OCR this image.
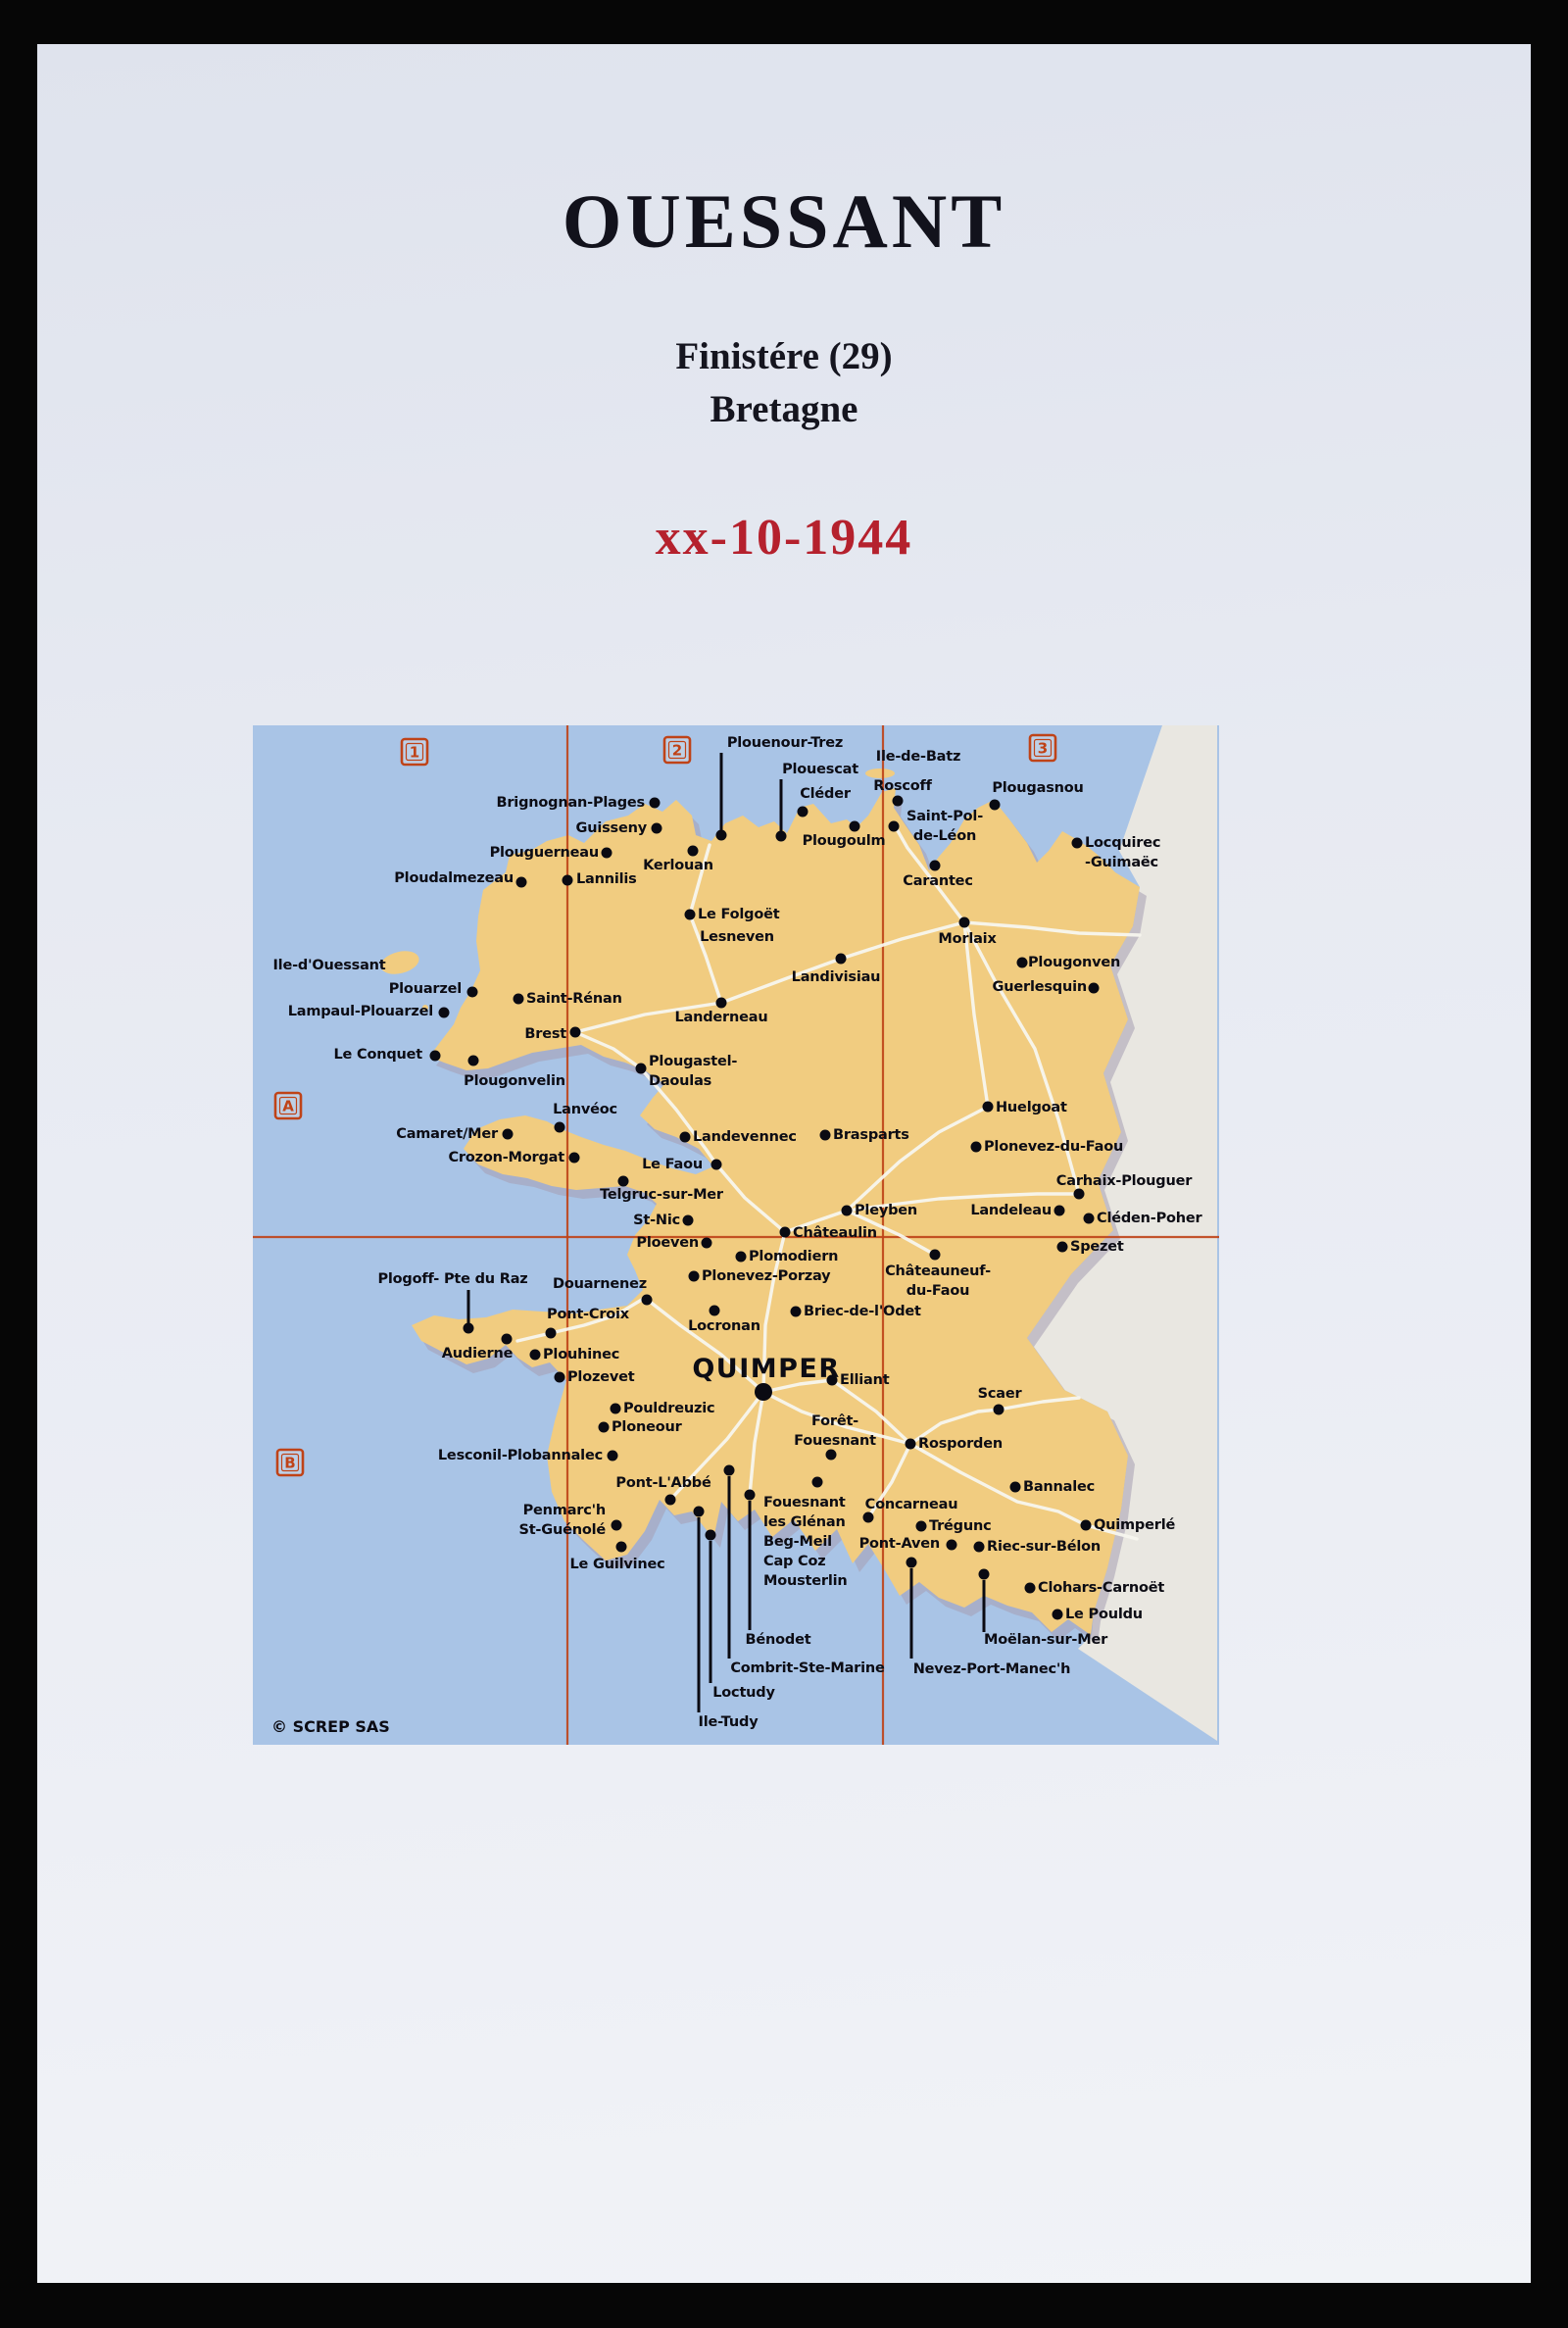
OUESSANT
Finistére (29)
Bretagne
xx-10-1944
1	2	3
A
B
Plouenour-Trez
Plouescat
Cléder
Ile-de-Batz
Roscoff	Plougasnou
Saint-Pol-de-Léon
Plougoulm	Locquirec -Guimaëc
Brignognan-Plages
Guisseny
Plouguerneau
Kerlouan
Lannilis
Ploudalmezeau	Carantec
Le Folgoët
Lesneven	Morlaix
Plougonven
Guerlesquin
Landivisiau
Landerneau
Ile-d'Ouessant
Plouarzel
Saint-Rénan
Lampaul-Plouarzel
Brest
Le Conquet
Plougonvelin
Plougastel-Daoulas
Lanvéoc
Camaret/Mer
Crozon-Morgat
Telgruc-sur-Mer
Le Faou
Landevennec	Brasparts
Huelgoat
Plonevez-du-Faou
Carhaix-Plouguer
Cléden-Poher
Landeleau
Spezet
Pleyben
Châteaulin
St-Nic
Ploeven
Plomodiern
Plonevez-Porzay	Châteauneuf-du-Faou
Briec-de-l'Odet
Locronan
Douarnenez
Plogoff- Pte du Raz
Pont-Croix
Audierne Plouhinec
Plozevet
Pouldreuzic
Ploneour
Lesconil-Plobannalec
Pont-L'Abbé
Penmarc'h St-Guénolé
Le Guilvinec
Fouesnant les Glénan Beg-Meil Cap Coz Mousterlin
Forêt-Fouesnant	Rosporden
Elliant
Scaer
Bannalec
QUIMPER
Concarneau
Trégunc
Pont-Aven	Riec-sur-Bélon
Quimperlé
Clohars-Carnoët
Le Pouldu
Moëlan-sur-Mer
Nevez-Port-Manec'h
Bénodet
Combrit-Ste-Marine
Loctudy
Ile-Tudy
© SCREP SAS
